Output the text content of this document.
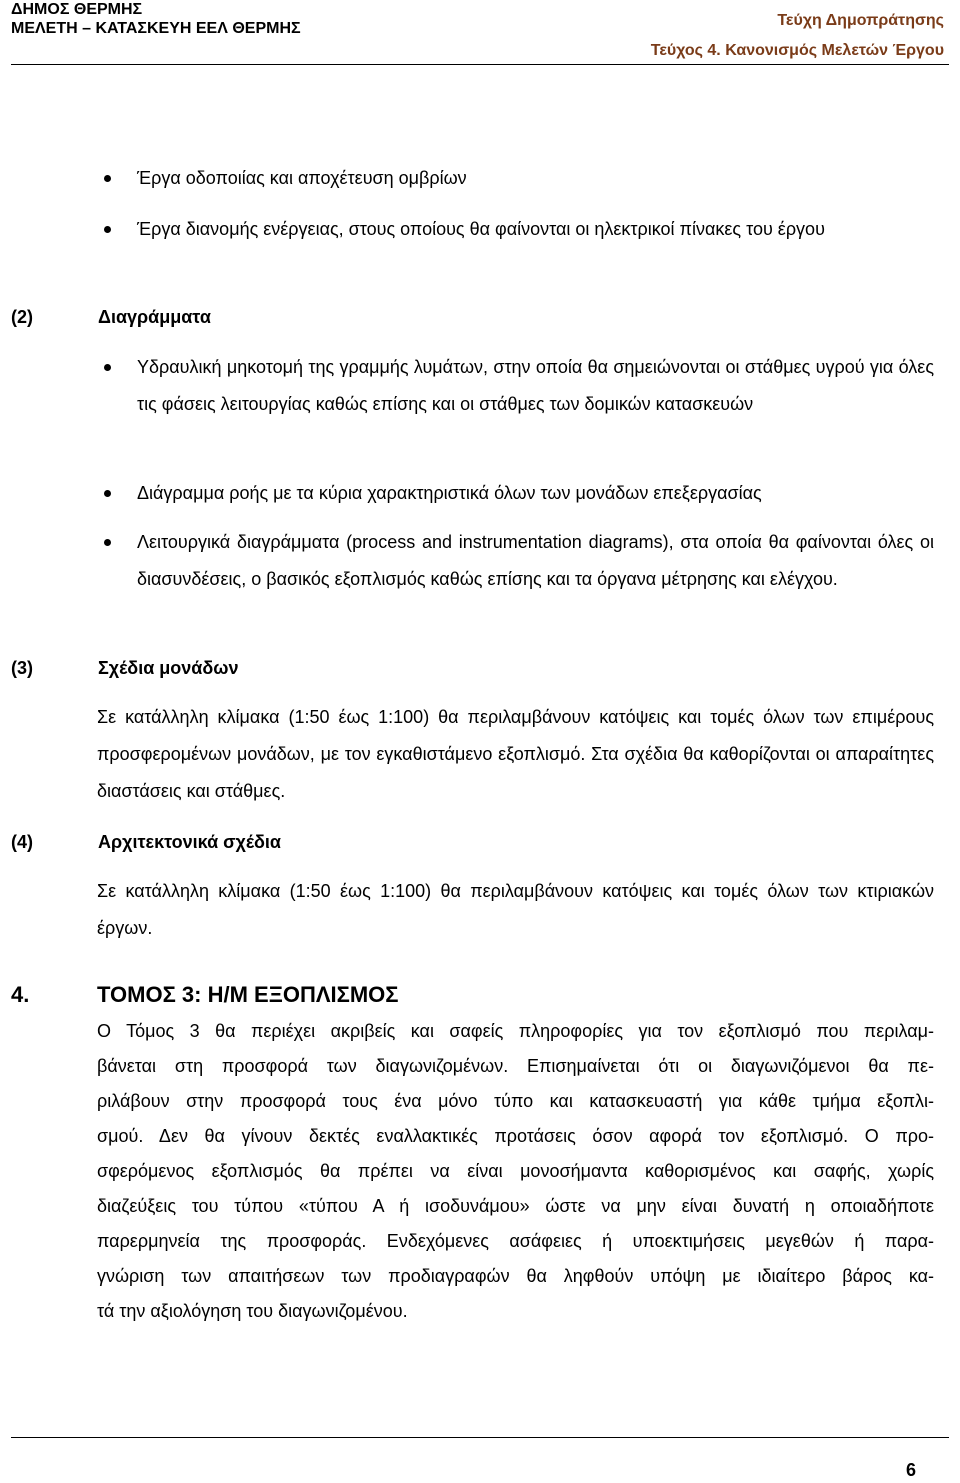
ΔΗΜΟΣ ΘΕΡΜΗΣ
ΜΕΛΕΤΗ – ΚΑΤΑΣΚΕΥΗ ΕΕΛ ΘΕΡΜΗΣ	Τεύχη Δημοπράτησης
Τεύχος 4. Κανονισμός Μελετών Έργου
Έργα οδοποιίας και αποχέτευση ομβρίων
Έργα διανομής ενέργειας, στους οποίους θα φαίνονται οι ηλεκτρικοί πίνακες του έργου
(2)	Διαγράμματα
Υδραυλική μηκοτομή της γραμμής λυμάτων, στην οποία θα σημειώνονται οι στάθμες υγρού για όλες τις φάσεις λειτουργίας καθώς επίσης και οι στάθμες των δομικών κατασκευών
Διάγραμμα ροής με τα κύρια χαρακτηριστικά όλων των μονάδων επεξεργασίας
Λειτουργικά διαγράμματα (process and instrumentation diagrams), στα οποία θα φαίνονται όλες οι διασυνδέσεις, ο βασικός εξοπλισμός καθώς επίσης και τα όργανα μέτρησης και ελέγχου.
(3)	Σχέδια μονάδων
Σε κατάλληλη κλίμακα (1:50 έως 1:100) θα περιλαμβάνουν κατόψεις και τομές όλων των επιμέρους προσφερομένων μονάδων, με τον εγκαθιστάμενο εξοπλισμό. Στα σχέδια θα καθορίζονται οι απαραίτητες διαστάσεις και στάθμες.
(4)	Αρχιτεκτονικά σχέδια
Σε κατάλληλη κλίμακα (1:50 έως 1:100) θα περιλαμβάνουν κατόψεις και τομές όλων των κτιριακών έργων.
4.	ΤΟΜΟΣ 3: Η/Μ ΕΞΟΠΛΙΣΜΟΣ
Ο Τόμος 3 θα περιέχει ακριβείς και σαφείς πληροφορίες για τον εξοπλισμό που περιλαμ-
βάνεται στη προσφορά των διαγωνιζομένων. Επισημαίνεται ότι οι διαγωνιζόμενοι θα πε-
ριλάβουν στην προσφορά τους ένα μόνο τύπο και κατασκευαστή για κάθε τμήμα εξοπλι-
σμού. Δεν θα γίνουν δεκτές εναλλακτικές προτάσεις όσον αφορά τον εξοπλισμό. Ο προ-
σφερόμενος εξοπλισμός θα πρέπει να είναι μονοσήμαντα καθορισμένος και σαφής, χωρίς
διαζεύξεις του τύπου «τύπου Α ή ισοδυνάμου» ώστε να μην είναι δυνατή η οποιαδήποτε
παρερμηνεία της προσφοράς. Ενδεχόμενες ασάφειες ή υποεκτιμήσεις μεγεθών ή παρα-
γνώριση των απαιτήσεων των προδιαγραφών θα ληφθούν υπόψη με ιδιαίτερο βάρος κα-
τά την αξιολόγηση του διαγωνιζομένου.
6
